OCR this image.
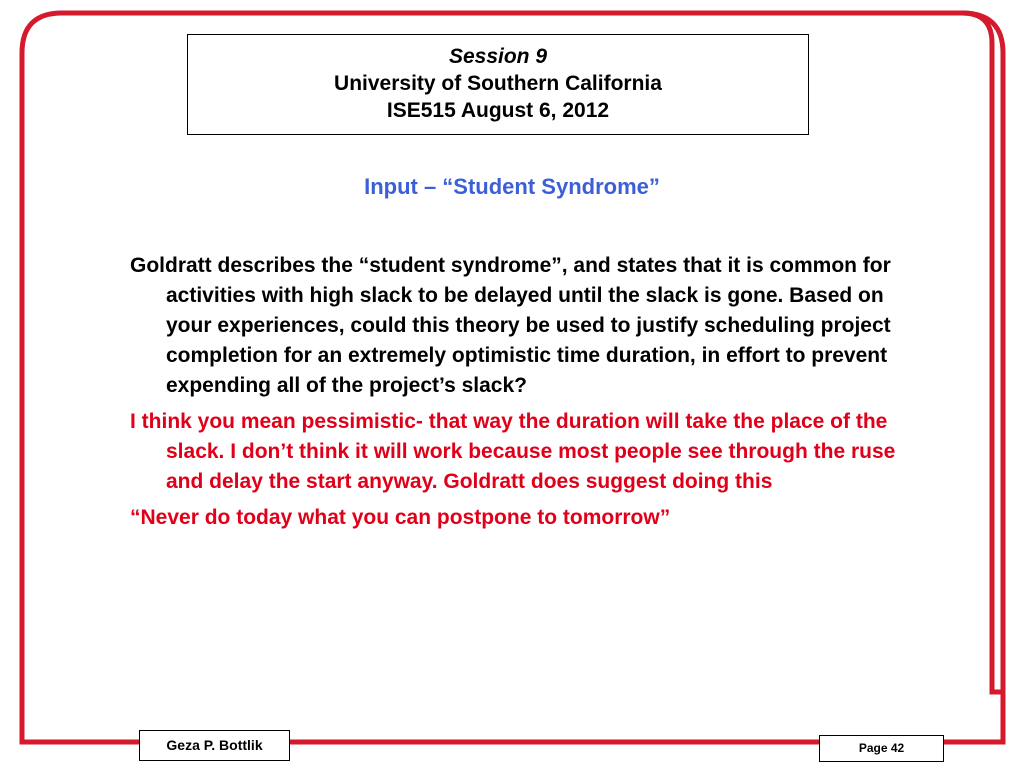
Session 9
University of Southern California
ISE515 August 6, 2012
Input – “Student Syndrome”

Goldratt describes the “student syndrome”, and states that it is common for activities with high slack to be delayed until the slack is gone. Based on your experiences, could this theory be used to justify scheduling project completion for an extremely optimistic time duration, in effort to prevent expending all of the project’s slack?

I think you mean pessimistic- that way the duration will take the place of the slack. I don’t think it will work because most people see through the ruse and delay the start anyway. Goldratt does suggest doing this

“Never do today what you can postpone to tomorrow”

Geza P. Bottlik	Page 42
